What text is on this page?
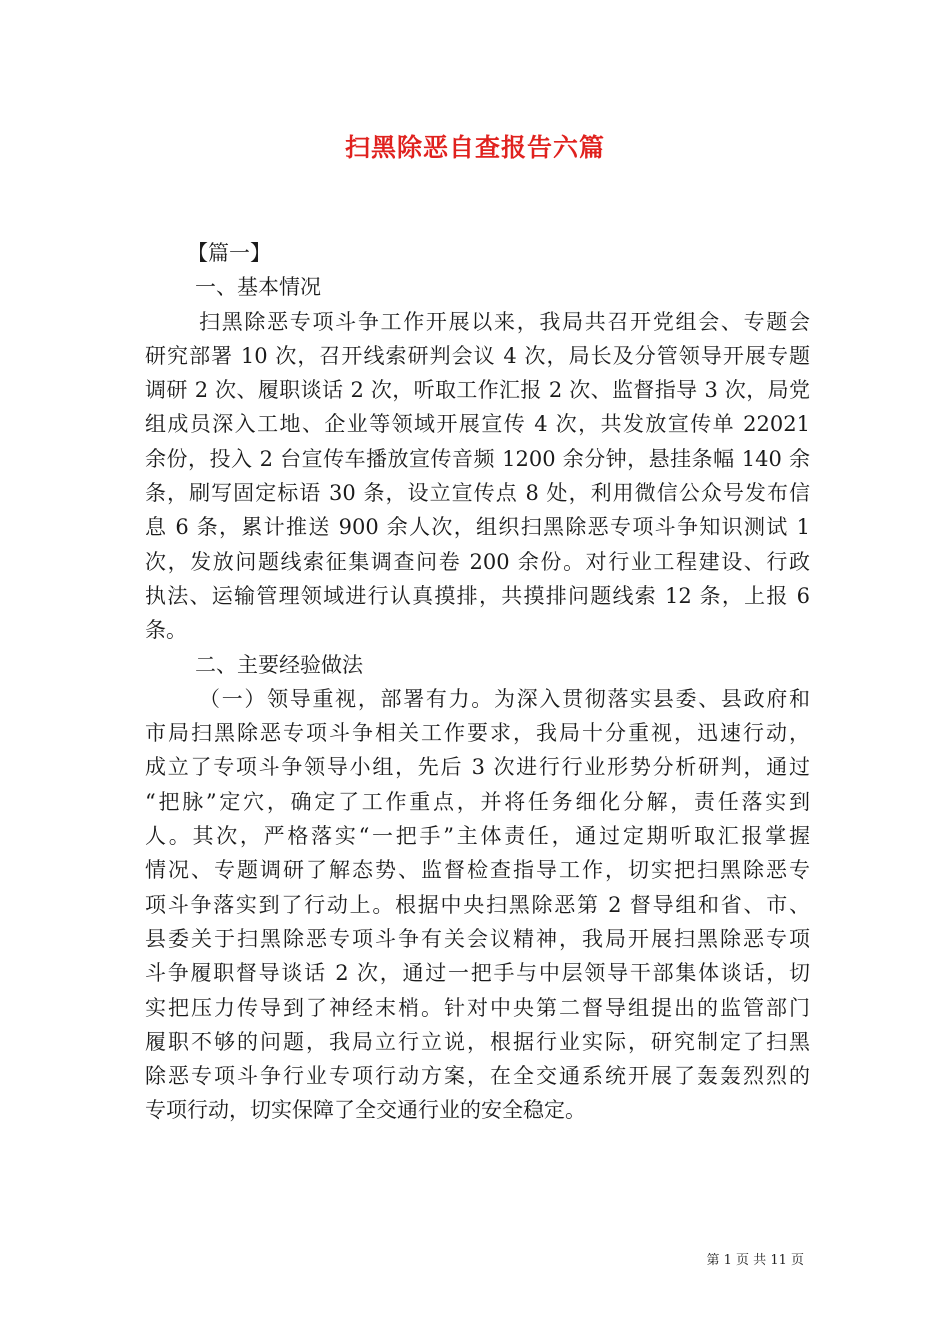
扫黑除恶自查报告六篇
【篇一】
一、基本情况
扫黑除恶专项斗争工作开展以来，我局共召开党组会、专题会
研究部署 10 次，召开线索研判会议 4 次，局长及分管领导开展专题
调研 2 次、履职谈话 2 次，听取工作汇报 2 次、监督指导 3 次，局党
组成员深入工地、企业等领域开展宣传 4 次，共发放宣传单 22021
余份，投入 2 台宣传车播放宣传音频 1200 余分钟，悬挂条幅 140 余
条，刷写固定标语 30 条，设立宣传点 8 处，利用微信公众号发布信
息 6 条，累计推送 900 余人次，组织扫黑除恶专项斗争知识测试 1
次，发放问题线索征集调查问卷 200 余份。对行业工程建设、行政
执法、运输管理领域进行认真摸排，共摸排问题线索 12 条，上报 6
条。
二、主要经验做法
（一）领导重视，部署有力。为深入贯彻落实县委、县政府和
市局扫黑除恶专项斗争相关工作要求，我局十分重视，迅速行动，
成立了专项斗争领导小组，先后 3 次进行行业形势分析研判，通过
“把脉”定穴，确定了工作重点，并将任务细化分解，责任落实到
人。其次，严格落实“一把手”主体责任，通过定期听取汇报掌握
情况、专题调研了解态势、监督检查指导工作，切实把扫黑除恶专
项斗争落实到了行动上。根据中央扫黑除恶第 2 督导组和省、市、
县委关于扫黑除恶专项斗争有关会议精神，我局开展扫黑除恶专项
斗争履职督导谈话 2 次，通过一把手与中层领导干部集体谈话，切
实把压力传导到了神经末梢。针对中央第二督导组提出的监管部门
履职不够的问题，我局立行立说，根据行业实际，研究制定了扫黑
除恶专项斗争行业专项行动方案，在全交通系统开展了轰轰烈烈的
专项行动，切实保障了全交通行业的安全稳定。
第 1 页 共 11 页
